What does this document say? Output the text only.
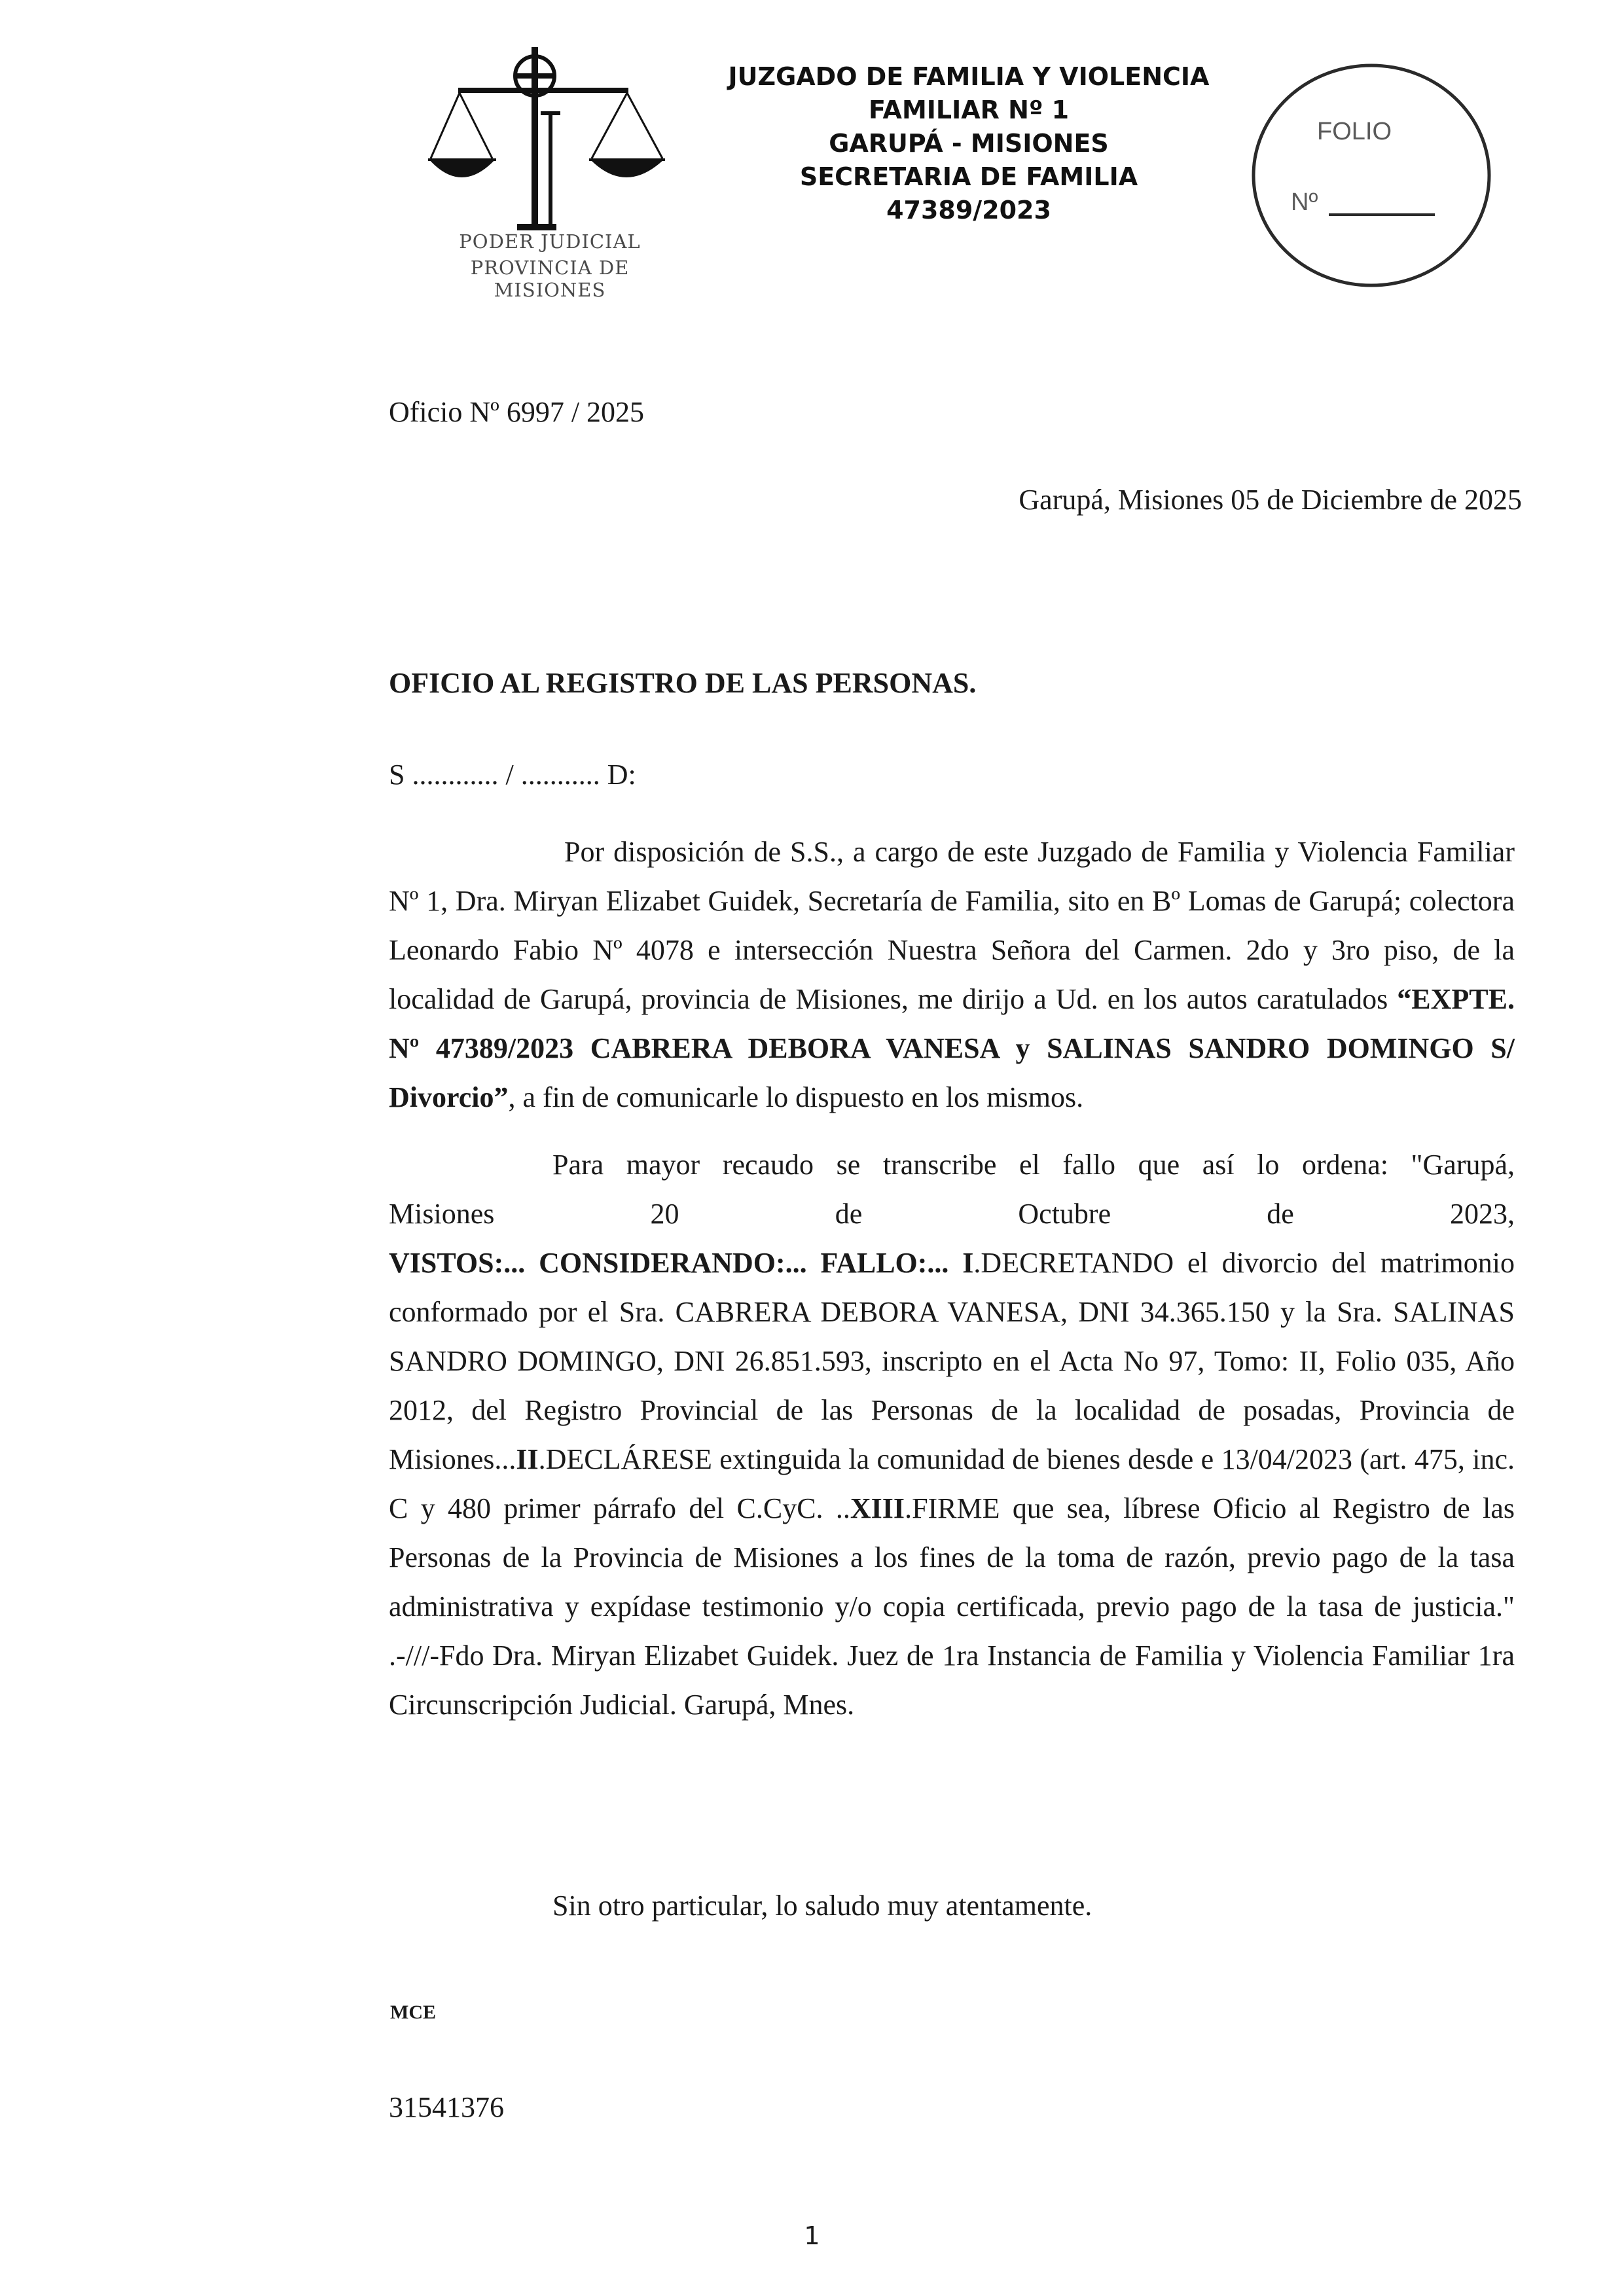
PODER JUDICIAL
PROVINCIA DE MISIONES
JUZGADO DE FAMILIA Y VIOLENCIA
FAMILIAR Nº 1
GARUPÁ - MISIONES
SECRETARIA DE FAMILIA
47389/2023
FOLIO
Nº
Oficio Nº 6997 / 2025
Garupá, Misiones 05 de Diciembre de 2025
OFICIO AL REGISTRO DE LAS PERSONAS.
S ............ / ........... D:

Por disposición de S.S., a cargo de este Juzgado de Familia y Violencia Familiar Nº 1, Dra. Miryan Elizabet Guidek, Secretaría de Familia, sito en Bº Lomas de Garupá; colectora Leonardo Fabio Nº 4078 e intersección Nuestra Señora del Carmen. 2do y 3ro piso, de la localidad de Garupá, provincia de Misiones, me dirijo a Ud. en los autos caratulados “EXPTE. Nº 47389/2023 CABRERA DEBORA VANESA y SALINAS SANDRO DOMINGO S/ Divorcio”, a fin de comunicarle lo dispuesto en los mismos.

Para mayor recaudo se transcribe el fallo que así lo ordena: "Garupá,
Misiones 20 de Octubre de 2023,
VISTOS:... CONSIDERANDO:... FALLO:... I.DECRETANDO el divorcio del matrimonio conformado por el Sra. CABRERA DEBORA VANESA, DNI 34.365.150 y la Sra. SALINAS SANDRO DOMINGO, DNI 26.851.593, inscripto en el Acta No 97, Tomo: II, Folio 035, Año 2012, del Registro Provincial de las Personas de la localidad de posadas, Provincia de Misiones...II.DECLÁRESE extinguida la comunidad de bienes desde e 13/04/2023 (art. 475, inc. C y 480 primer párrafo del C.CyC. ..XIII.FIRME que sea, líbrese Oficio al Registro de las Personas de la Provincia de Misiones a los fines de la toma de razón, previo pago de la tasa administrativa y expídase testimonio y/o copia certificada, previo pago de la tasa de justicia." .-///-Fdo Dra. Miryan Elizabet Guidek. Juez de 1ra Instancia de Familia y Violencia Familiar 1ra Circunscripción Judicial. Garupá, Mnes.

Sin otro particular, lo saludo muy atentamente.
MCE
31541376
1
